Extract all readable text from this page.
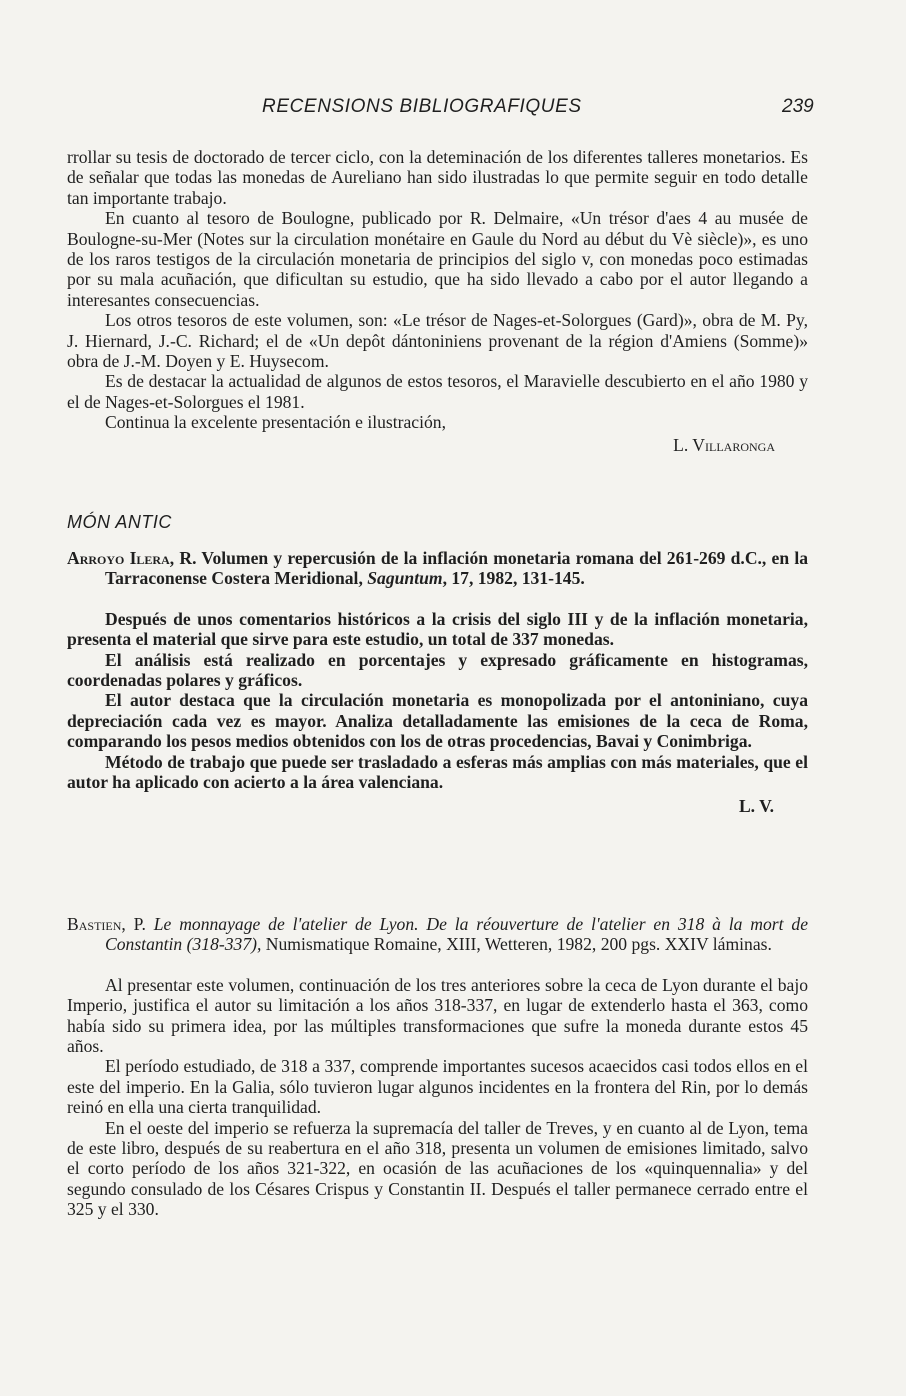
RECENSIONS BIBLIOGRAFIQUES	239

rrollar su tesis de doctorado de tercer ciclo, con la deteminación de los diferentes talleres monetarios. Es de señalar que todas las monedas de Aureliano han sido ilustradas lo que permite seguir en todo detalle tan importante trabajo.

En cuanto al tesoro de Boulogne, publicado por R. Delmaire, «Un trésor d'aes 4 au musée de Boulogne-su-Mer (Notes sur la circulation monétaire en Gaule du Nord au début du Vè siècle)», es uno de los raros testigos de la circulación monetaria de principios del siglo v, con monedas poco estimadas por su mala acuñación, que dificultan su estudio, que ha sido llevado a cabo por el autor llegando a interesantes consecuencias.

Los otros tesoros de este volumen, son: «Le trésor de Nages-et-Solorgues (Gard)», obra de M. Py, J. Hiernard, J.-C. Richard; el de «Un depôt dántoniniens provenant de la région d'Amiens (Somme)» obra de J.-M. Doyen y E. Huysecom.

Es de destacar la actualidad de algunos de estos tesoros, el Maravielle descubierto en el año 1980 y el de Nages-et-Solorgues el 1981.

Continua la excelente presentación e ilustración,

L. Villaronga
MÓN ANTIC

Arroyo Ilera, R. Volumen y repercusión de la inflación monetaria romana del 261-269 d.C., en la Tarraconense Costera Meridional, Saguntum, 17, 1982, 131-145.

Después de unos comentarios históricos a la crisis del siglo III y de la inflación monetaria, presenta el material que sirve para este estudio, un total de 337 monedas.

El análisis está realizado en porcentajes y expresado gráficamente en histogramas, coordenadas polares y gráficos.

El autor destaca que la circulación monetaria es monopolizada por el antoniniano, cuya depreciación cada vez es mayor. Analiza detalladamente las emisiones de la ceca de Roma, comparando los pesos medios obtenidos con los de otras procedencias, Bavai y Conimbriga.

Método de trabajo que puede ser trasladado a esferas más amplias con más materiales, que el autor ha aplicado con acierto a la área valenciana.

L. V.

Bastien, P. Le monnayage de l'atelier de Lyon. De la réouverture de l'atelier en 318 à la mort de Constantin (318-337), Numismatique Romaine, XIII, Wetteren, 1982, 200 pgs. XXIV láminas.

Al presentar este volumen, continuación de los tres anteriores sobre la ceca de Lyon durante el bajo Imperio, justifica el autor su limitación a los años 318-337, en lugar de extenderlo hasta el 363, como había sido su primera idea, por las múltiples transformaciones que sufre la moneda durante estos 45 años.

El período estudiado, de 318 a 337, comprende importantes sucesos acaecidos casi todos ellos en el este del imperio. En la Galia, sólo tuvieron lugar algunos incidentes en la frontera del Rin, por lo demás reinó en ella una cierta tranquilidad.

En el oeste del imperio se refuerza la supremacía del taller de Treves, y en cuanto al de Lyon, tema de este libro, después de su reabertura en el año 318, presenta un volumen de emisiones limitado, salvo el corto período de los años 321-322, en ocasión de las acuñaciones de los «quinquennalia» y del segundo consulado de los Césares Crispus y Constantin II. Después el taller permanece cerrado entre el 325 y el 330.
